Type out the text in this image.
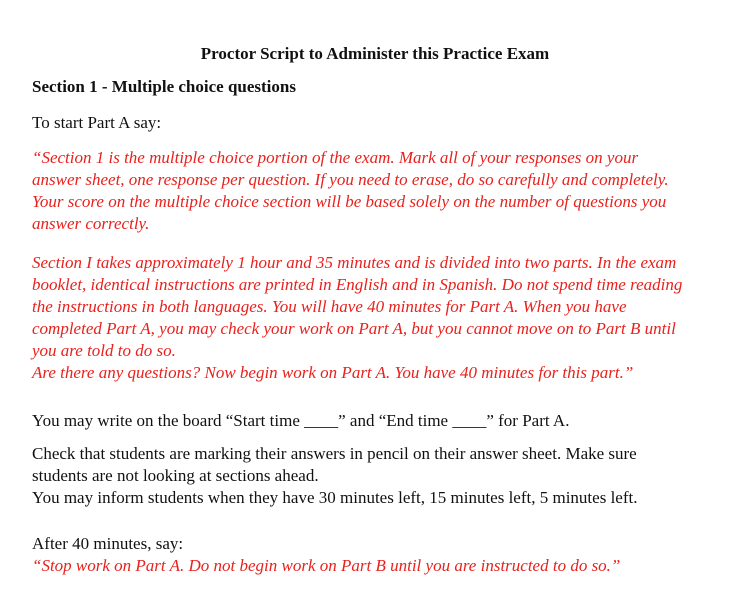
Proctor Script to Administer this Practice Exam
Section 1 - Multiple choice questions
To start Part A say:

“Section 1 is the multiple choice portion of the exam. Mark all of your responses on your

answer sheet, one response per question. If you need to erase, do so carefully and completely.

Your score on the multiple choice section will be based solely on the number of questions you

answer correctly.

Section I takes approximately 1 hour and 35 minutes and is divided into two parts. In the exam

booklet, identical instructions are printed in English and in Spanish. Do not spend time reading

the instructions in both languages. You will have 40 minutes for Part A. When you have

completed Part A, you may check your work on Part A, but you cannot move on to Part B until

you are told to do so.

Are there any questions? Now begin work on Part A. You have 40 minutes for this part.”

You may write on the board “Start time ____” and “End time ____” for Part A.

Check that students are marking their answers in pencil on their answer sheet. Make sure

students are not looking at sections ahead.

You may inform students when they have 30 minutes left, 15 minutes left, 5 minutes left.

After 40 minutes, say:
“Stop work on Part A. Do not begin work on Part B until you are instructed to do so.”
